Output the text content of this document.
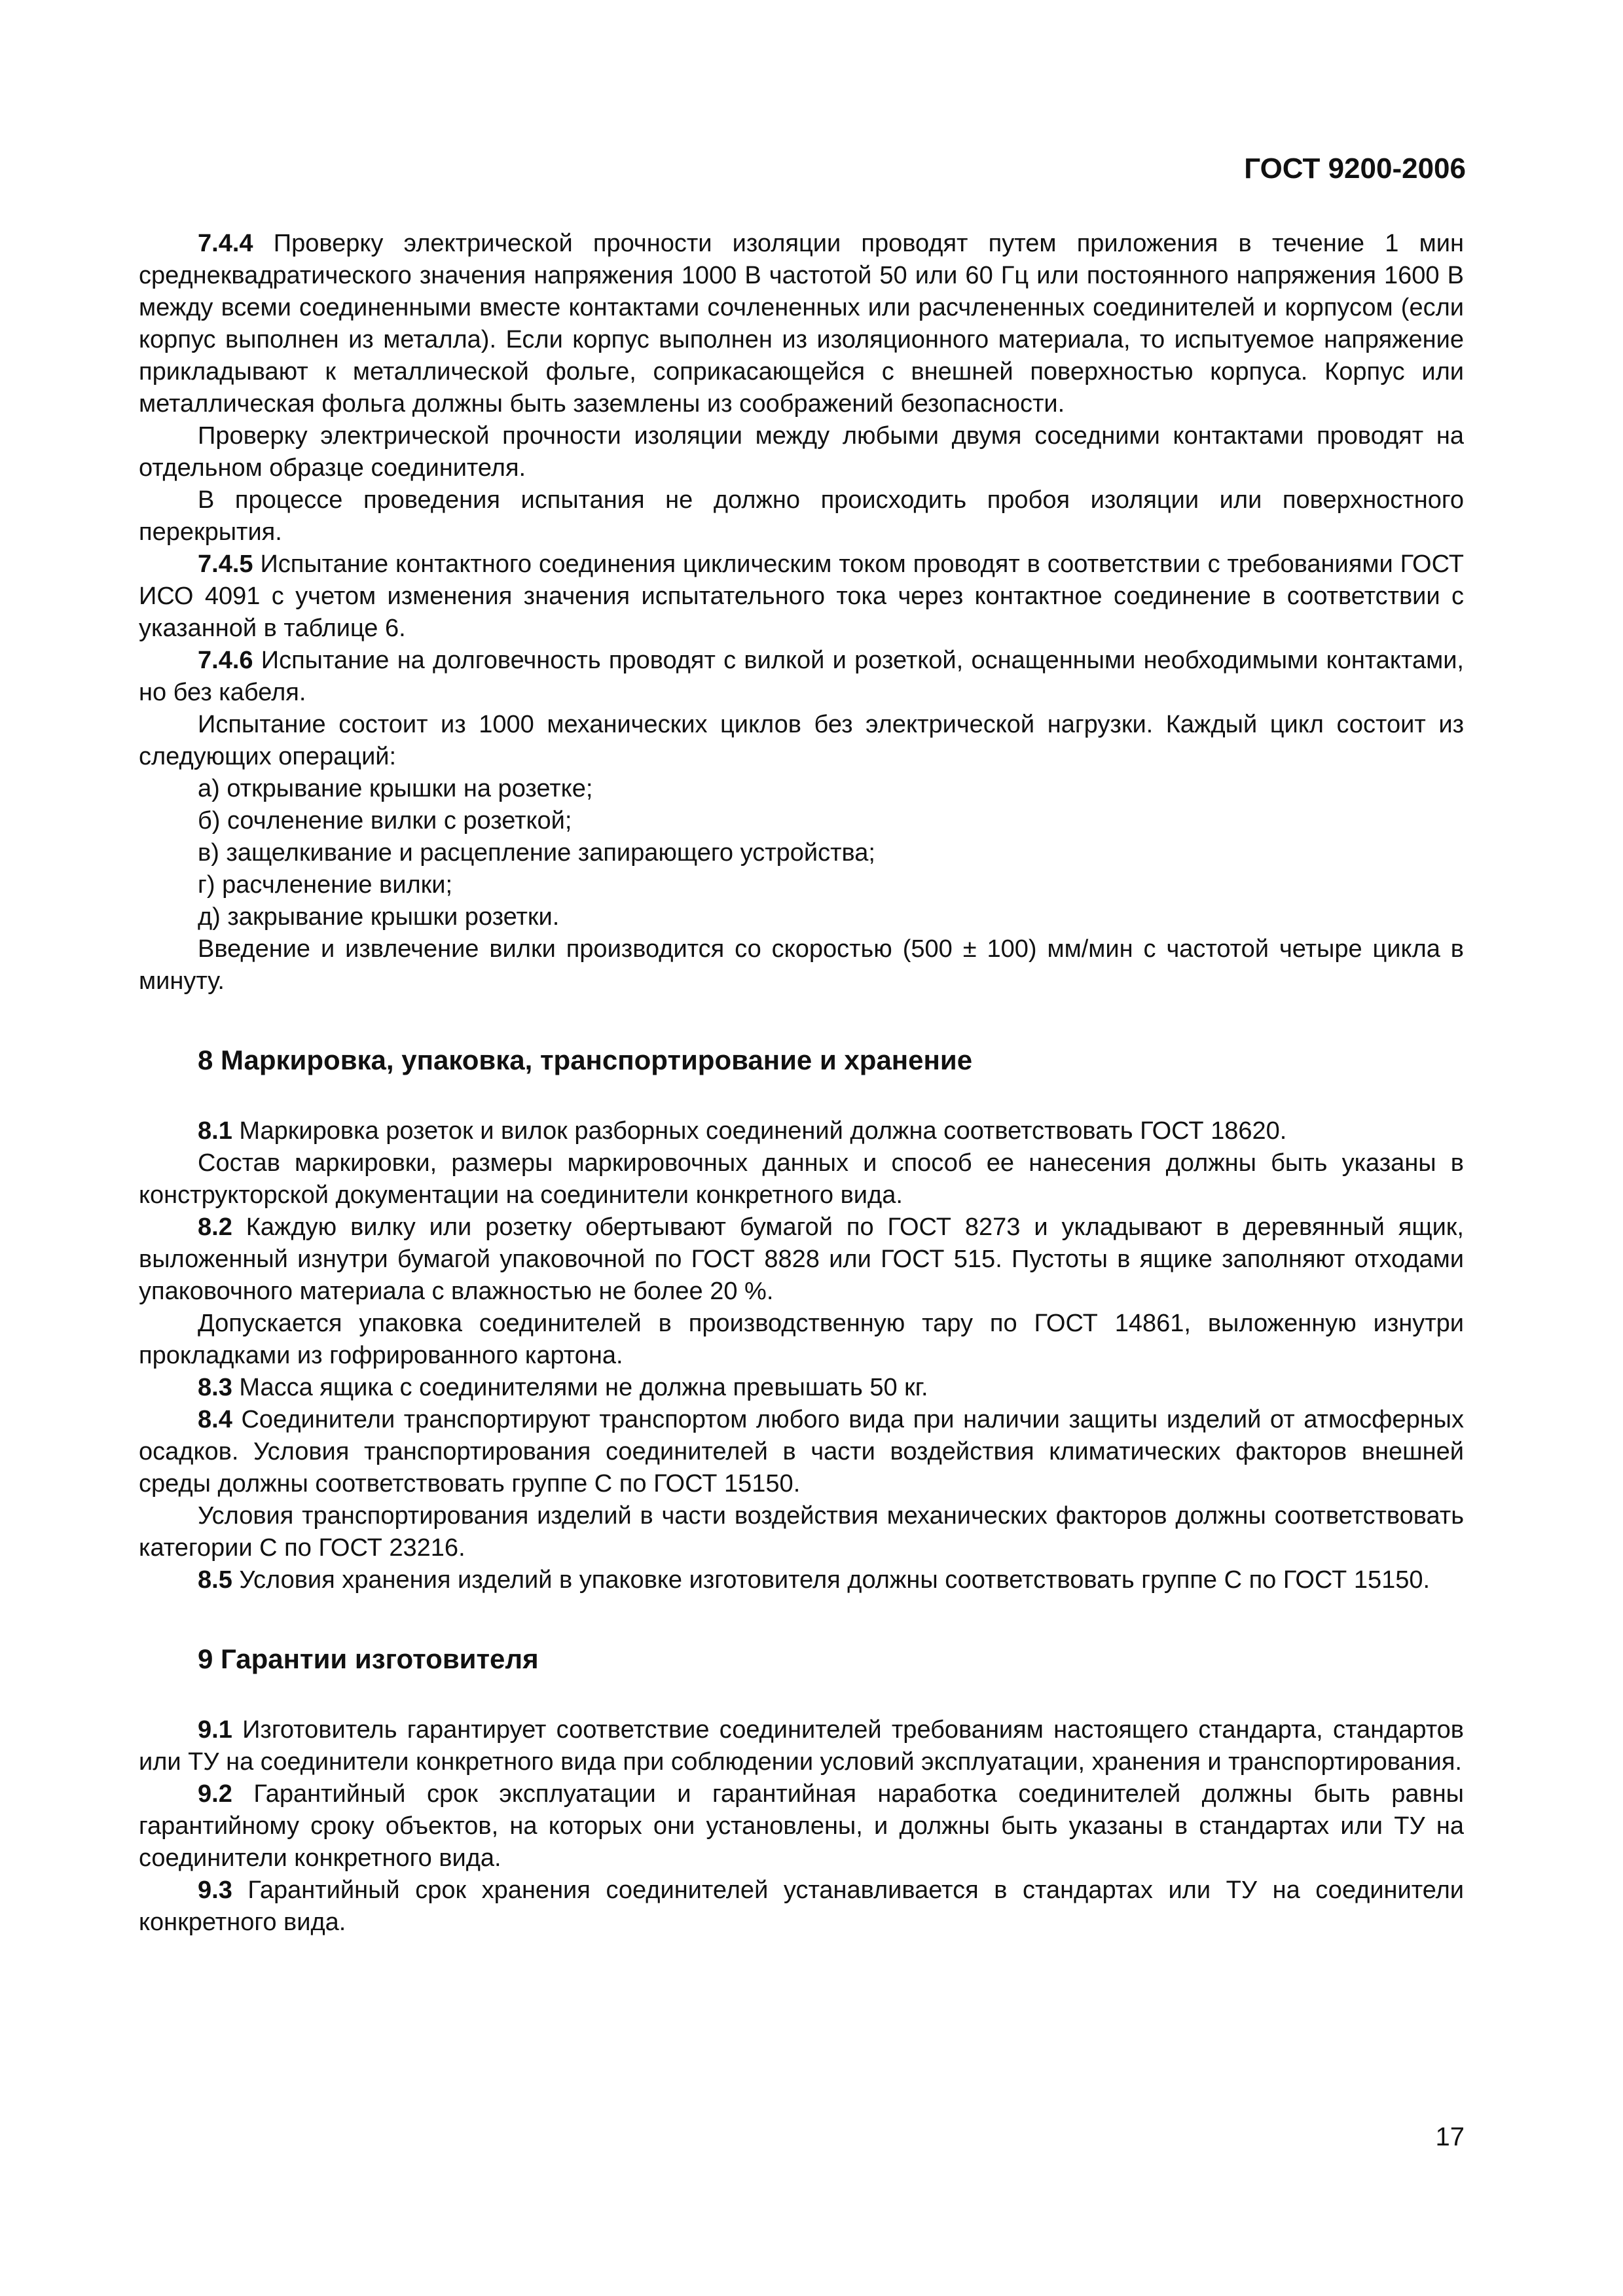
ГОСТ 9200-2006

7.4.4 Проверку электрической прочности изоляции проводят путем приложения в течение 1 мин среднеквадратического значения напряжения 1000 В частотой 50 или 60 Гц или постоянного напряжения 1600 В между всеми соединенными вместе контактами сочлененных или расчлененных соединителей и корпусом (если корпус выполнен из металла). Если корпус выполнен из изоляционного материала, то испытуемое напряжение прикладывают к металлической фольге, соприкасающейся с внешней поверхностью корпуса. Корпус или металлическая фольга должны быть заземлены из соображений безопасности.

Проверку электрической прочности изоляции между любыми двумя соседними контактами проводят на отдельном образце соединителя.

В процессе проведения испытания не должно происходить пробоя изоляции или поверхностного перекрытия.

7.4.5 Испытание контактного соединения циклическим током проводят в соответствии с требованиями ГОСТ ИСО 4091 с учетом изменения значения испытательного тока через контактное соединение в соответствии с указанной в таблице 6.

7.4.6 Испытание на долговечность проводят с вилкой и розеткой, оснащенными необходимыми контактами, но без кабеля.

Испытание состоит из 1000 механических циклов без электрической нагрузки. Каждый цикл состоит из следующих операций:

а) открывание крышки на розетке;

б) сочленение вилки с розеткой;

в) защелкивание и расцепление запирающего устройства;

г) расчленение вилки;

д) закрывание крышки розетки.

Введение и извлечение вилки производится со скоростью (500 ± 100) мм/мин с частотой четыре цикла в минуту.

8 Маркировка, упаковка, транспортирование и хранение

8.1 Маркировка розеток и вилок разборных соединений должна соответствовать ГОСТ 18620.

Состав маркировки, размеры маркировочных данных и способ ее нанесения должны быть указаны в конструкторской документации на соединители конкретного вида.

8.2 Каждую вилку или розетку обертывают бумагой по ГОСТ 8273 и укладывают в деревянный ящик, выложенный изнутри бумагой упаковочной по ГОСТ 8828 или ГОСТ 515. Пустоты в ящике заполняют отходами упаковочного материала с влажностью не более 20 %.

Допускается упаковка соединителей в производственную тару по ГОСТ 14861, выложенную изнутри прокладками из гофрированного картона.

8.3 Масса ящика с соединителями не должна превышать 50 кг.

8.4 Соединители транспортируют транспортом любого вида при наличии защиты изделий от атмосферных осадков. Условия транспортирования соединителей в части воздействия климатических факторов внешней среды должны соответствовать группе С по ГОСТ 15150.

Условия транспортирования изделий в части воздействия механических факторов должны соответствовать категории С по ГОСТ 23216.

8.5 Условия хранения изделий в упаковке изготовителя должны соответствовать группе С по ГОСТ 15150.

9 Гарантии изготовителя

9.1 Изготовитель гарантирует соответствие соединителей требованиям настоящего стандарта, стандартов или ТУ на соединители конкретного вида при соблюдении условий эксплуатации, хранения и транспортирования.

9.2 Гарантийный срок эксплуатации и гарантийная наработка соединителей должны быть равны гарантийному сроку объектов, на которых они установлены, и должны быть указаны в стандартах или ТУ на соединители конкретного вида.

9.3 Гарантийный срок хранения соединителей устанавливается в стандартах или ТУ на соединители конкретного вида.

17
